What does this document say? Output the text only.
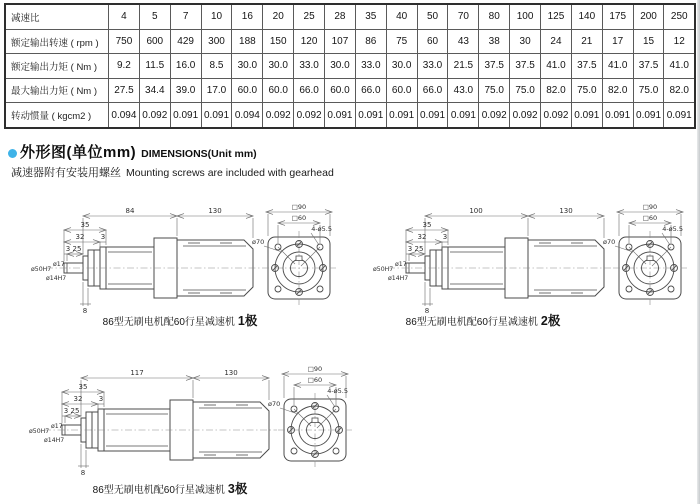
减速比	4	5	7	10	16	20	25	28	35	40	50	70	80	100	125	140	175	200	250
额定输出转速 ( rpm )	750	600	429	300	188	150	120	107	86	75	60	43	38	30	24	21	17	15	12
额定输出力矩 ( Nm )	9.2	11.5	16.0	8.5	30.0	30.0	33.0	30.0	33.0	30.0	33.0	21.5	37.5	37.5	41.0	37.5	41.0	37.5	41.0
最大输出力矩 ( Nm )	27.5	34.4	39.0	17.0	60.0	60.0	66.0	60.0	66.0	60.0	66.0	43.0	75.0	75.0	82.0	75.0	82.0	75.0	82.0
转动惯量 ( kgcm2 )	0.094	0.092	0.091	0.091	0.094	0.092	0.092	0.091	0.091	0.091	0.091	0.091	0.092	0.092	0.092	0.091	0.091	0.091	0.091
外形图(单位mm) DIMENSIONS(Unit mm)
减速器附有安装用螺丝 Mounting screws are included with gearhead
84	130
35
32 3
3 25
ø50H7
ø17
ø14H7
8
□90
□60
ø70
4-ø5.5
86型无刷电机配60行星减速机 1极
100	130
35
32 3
3 25
ø50H7
ø17
ø14H7
8
□90
□60
ø70
4-ø5.5
86型无刷电机配60行星减速机 2极
117	130
35
32 3
3 25
ø50H7
ø17
ø14H7
8
□90
□60
ø70
4-ø5.5
86型无刷电机配60行星减速机 3极
